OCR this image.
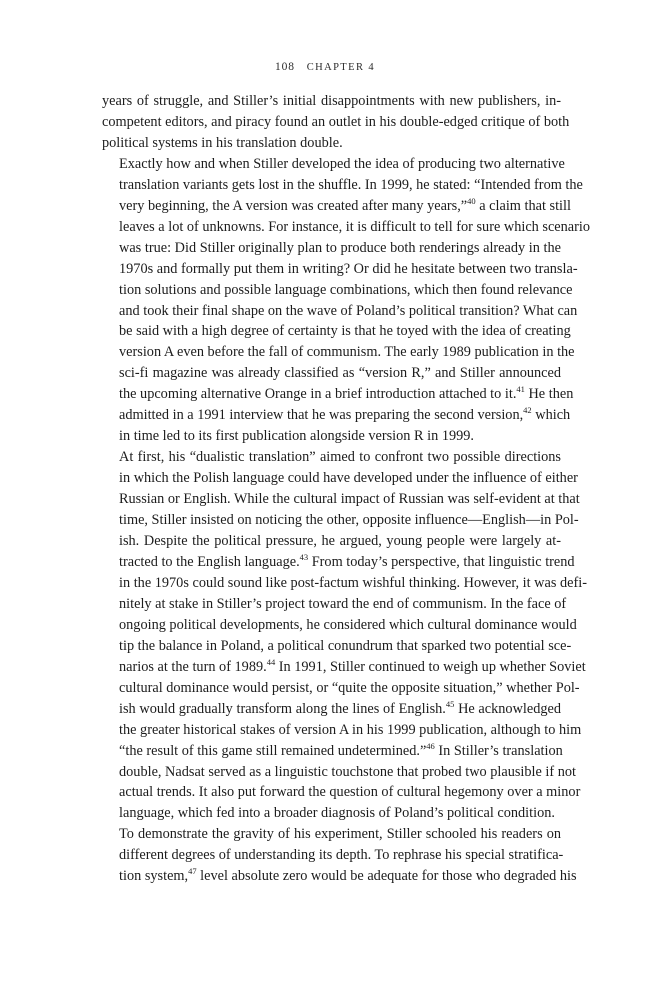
108 CHAPTER 4

years of struggle, and Stiller’s initial disappointments with new publishers, in-
competent editors, and piracy found an outlet in his double-edged critique of both
political systems in his translation double.

Exactly how and when Stiller developed the idea of producing two alternative
translation variants gets lost in the shuffle. In 1999, he stated: “Intended from the
very beginning, the A version was created after many years,”$^{40}$ a claim that still
leaves a lot of unknowns. For instance, it is difficult to tell for sure which scenario
was true: Did Stiller originally plan to produce both renderings already in the
1970s and formally put them in writing? Or did he hesitate between two transla-
tion solutions and possible language combinations, which then found relevance
and took their final shape on the wave of Poland’s political transition? What can
be said with a high degree of certainty is that he toyed with the idea of creating
version A even before the fall of communism. The early 1989 publication in the
sci-fi magazine was already classified as “version R,” and Stiller announced
the upcoming alternative Orange in a brief introduction attached to it.$^{41}$ He then
admitted in a 1991 interview that he was preparing the second version,$^{42}$ which
in time led to its first publication alongside version R in 1999.

At first, his “dualistic translation” aimed to confront two possible directions
in which the Polish language could have developed under the influence of either
Russian or English. While the cultural impact of Russian was self-evident at that
time, Stiller insisted on noticing the other, opposite influence—English—in Pol-
ish. Despite the political pressure, he argued, young people were largely at-
tracted to the English language.$^{43}$ From today’s perspective, that linguistic trend
in the 1970s could sound like post-factum wishful thinking. However, it was defi-
nitely at stake in Stiller’s project toward the end of communism. In the face of
ongoing political developments, he considered which cultural dominance would
tip the balance in Poland, a political conundrum that sparked two potential sce-
narios at the turn of 1989.44 In 1991, Stiller continued to weigh up whether Soviet
cultural dominance would persist, or “quite the opposite situation,” whether Pol-
ish would gradually transform along the lines of English.$^{45}$ He acknowledged
the greater historical stakes of version A in his 1999 publication, although to him
“the result of this game still remained undetermined.”$^{46}$ In Stiller’s translation
double, Nadsat served as a linguistic touchstone that probed two plausible if not
actual trends. It also put forward the question of cultural hegemony over a minor
language, which fed into a broader diagnosis of Poland’s political condition.

To demonstrate the gravity of his experiment, Stiller schooled his readers on
different degrees of understanding its depth. To rephrase his special stratifica-
tion system,$^{47}$ level absolute zero would be adequate for those who degraded his
